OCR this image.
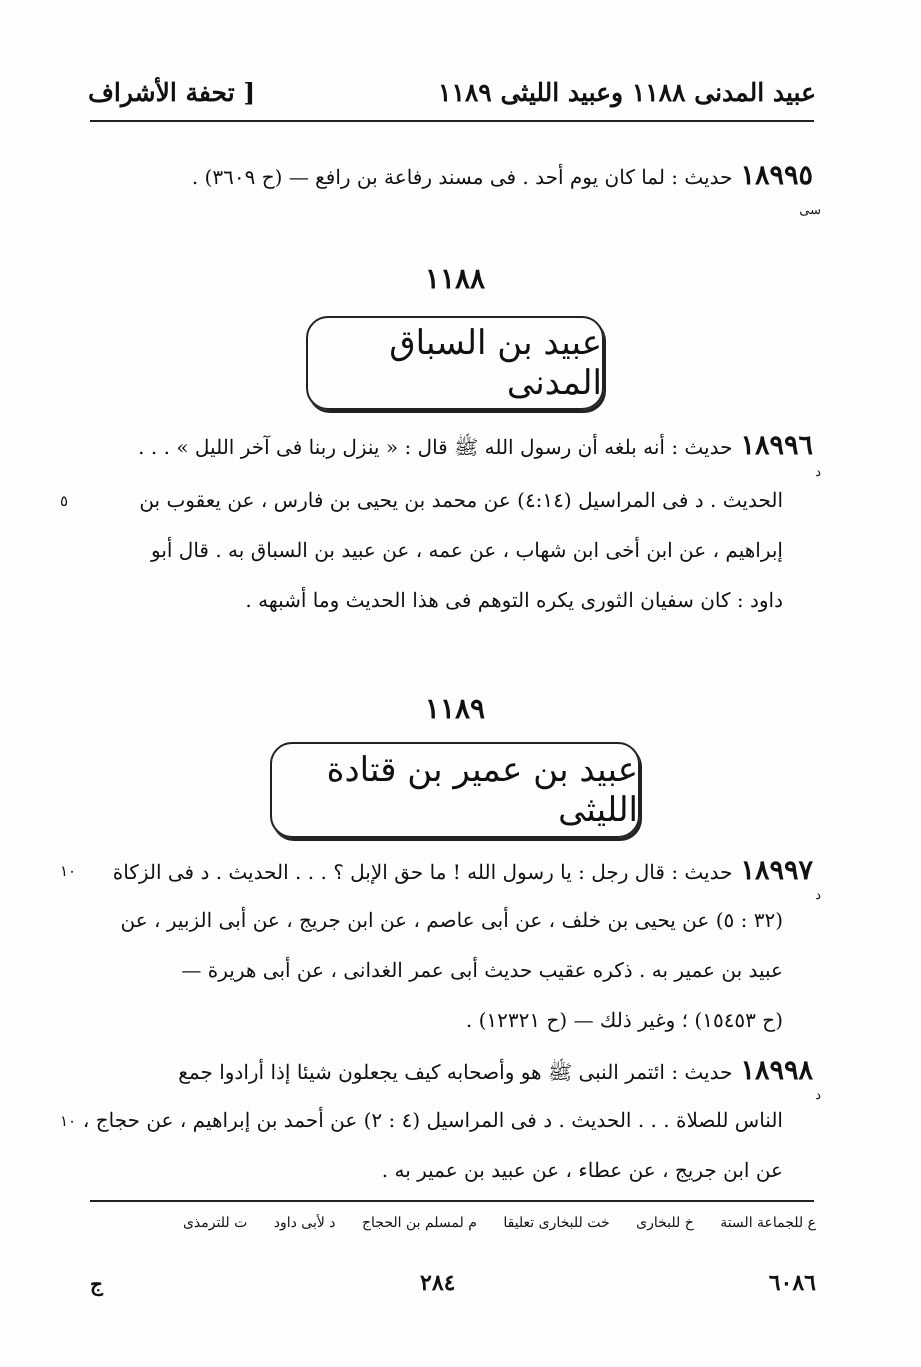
عبيد المدنى ١١٨٨ وعبيد الليثى ١١٨٩
[ تحفة الأشراف
١٨٩٩٥حديث : لما كان يوم أحد . فى مسند رفاعة بن رافع — (ح ٣٦٠٩) .
سى
١١٨٨
عبيد بن السباق المدنى
١٨٩٩٦حديث : أنه بلغه أن رسول الله ﷺ قال : « ينزل ربنا فى آخر الليل » . . .
د
الحديث . د فى المراسيل (٤:١٤) عن محمد بن يحيى بن فارس ، عن يعقوب بن
٥
إبراهيم ، عن ابن أخى ابن شهاب ، عن عمه ، عن عبيد بن السباق به . قال أبو
داود : كان سفيان الثورى يكره التوهم فى هذا الحديث وما أشبهه .
١١٨٩
عبيد بن عمير بن قتادة الليثى
١٨٩٩٧حديث : قال رجل : يا رسول الله ! ما حق الإبل ؟ . . . الحديث . د فى الزكاة
١٠
د
(٣٢ : ٥) عن يحيى بن خلف ، عن أبى عاصم ، عن ابن جريج ، عن أبى الزبير ، عن
عبيد بن عمير به . ذكره عقيب حديث أبى عمر الغدانى ، عن أبى هريرة —
(ح ١٥٤٥٣) ؛ وغير ذلك — (ح ١٢٣٢١) .
١٨٩٩٨حديث : ائتمر النبى ﷺ هو وأصحابه كيف يجعلون شيئا إذا أرادوا جمع
د
الناس للصلاة . . . الحديث . د فى المراسيل (٤ : ٢) عن أحمد بن إبراهيم ، عن حجاج ،
١٠
عن ابن جريج ، عن عطاء ، عن عبيد بن عمير به .
ع للجماعة الستة خ للبخارى خت للبخارى تعليقا م لمسلم بن الحجاج د لأبى داود ت للترمذى
٦٠٨٦
٢٨٤
ج
